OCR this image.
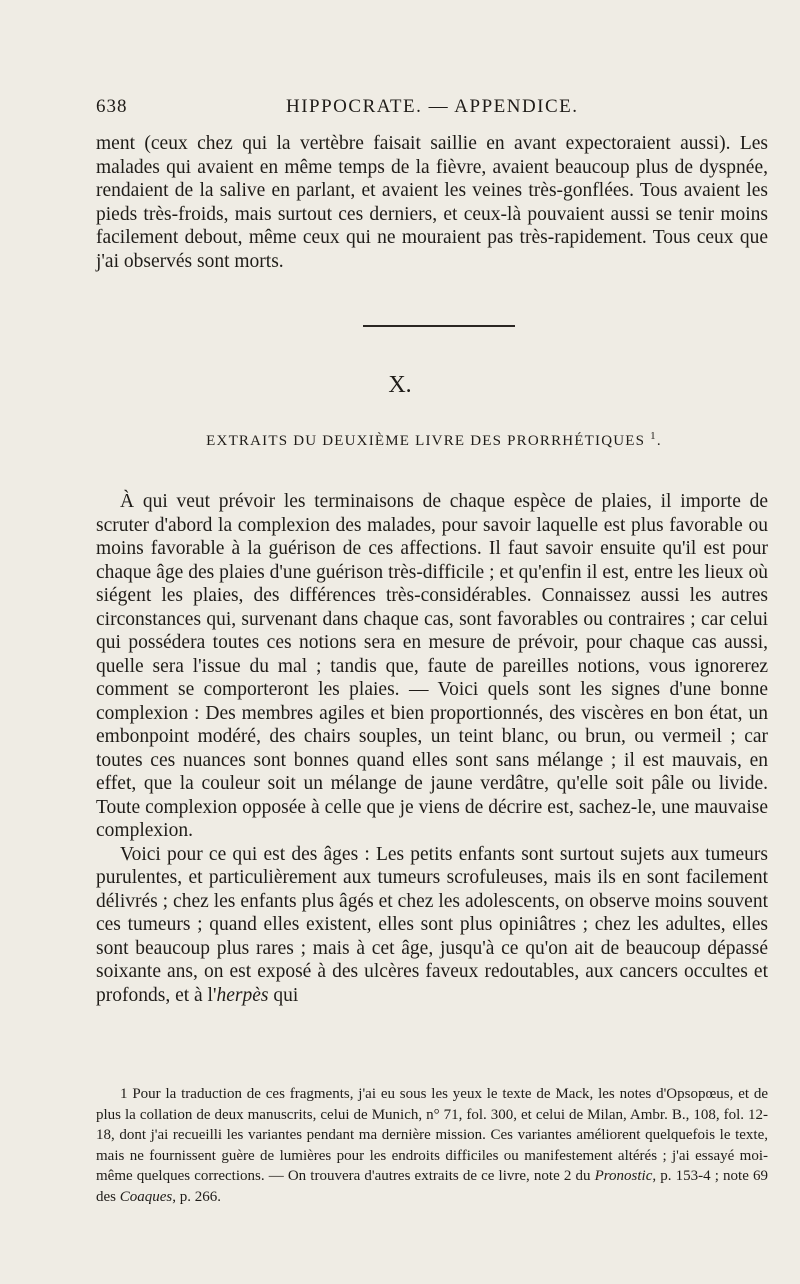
638	HIPPOCRATE. — APPENDICE.

ment (ceux chez qui la vertèbre faisait saillie en avant expectoraient aussi). Les malades qui avaient en même temps de la fièvre, avaient beaucoup plus de dyspnée, rendaient de la salive en parlant, et avaient les veines très-gonflées. Tous avaient les pieds très-froids, mais surtout ces derniers, et ceux-là pouvaient aussi se tenir moins facilement debout, même ceux qui ne mouraient pas très-rapidement. Tous ceux que j'ai observés sont morts.

X.
EXTRAITS DU DEUXIÈME LIVRE DES PRORRHÉTIQUES $^1$.

À qui veut prévoir les terminaisons de chaque espèce de plaies, il importe de scruter d'abord la complexion des malades, pour savoir laquelle est plus favorable ou moins favorable à la guérison de ces affections. Il faut savoir ensuite qu'il est pour chaque âge des plaies d'une guérison très-difficile ; et qu'enfin il est, entre les lieux où siégent les plaies, des différences très-considérables. Connaissez aussi les autres circonstances qui, survenant dans chaque cas, sont favorables ou contraires ; car celui qui possédera toutes ces notions sera en mesure de prévoir, pour chaque cas aussi, quelle sera l'issue du mal ; tandis que, faute de pareilles notions, vous ignorerez comment se comporteront les plaies. — Voici quels sont les signes d'une bonne complexion : Des membres agiles et bien proportionnés, des viscères en bon état, un embonpoint modéré, des chairs souples, un teint blanc, ou brun, ou vermeil ; car toutes ces nuances sont bonnes quand elles sont sans mélange ; il est mauvais, en effet, que la couleur soit un mélange de jaune verdâtre, qu'elle soit pâle ou livide. Toute complexion opposée à celle que je viens de décrire est, sachez-le, une mauvaise complexion.

Voici pour ce qui est des âges : Les petits enfants sont surtout sujets aux tumeurs purulentes, et particulièrement aux tumeurs scrofuleuses, mais ils en sont facilement délivrés ; chez les enfants plus âgés et chez les adolescents, on observe moins souvent ces tumeurs ; quand elles existent, elles sont plus opiniâtres ; chez les adultes, elles sont beaucoup plus rares ; mais à cet âge, jusqu'à ce qu'on ait de beaucoup dépassé soixante ans, on est exposé à des ulcères faveux redoutables, aux cancers occultes et profonds, et à l'herpès qui

1 Pour la traduction de ces fragments, j'ai eu sous les yeux le texte de Mack, les notes d'Opsopœus, et de plus la collation de deux manuscrits, celui de Munich, n° 71, fol. 300, et celui de Milan, Ambr. B., 108, fol. 12-18, dont j'ai recueilli les variantes pendant ma dernière mission. Ces variantes améliorent quelquefois le texte, mais ne fournissent guère de lumières pour les endroits difficiles ou manifestement altérés ; j'ai essayé moi-même quelques corrections. — On trouvera d'autres extraits de ce livre, note 2 du Pronostic, p. 153-4 ; note 69 des Coaques, p. 266.
